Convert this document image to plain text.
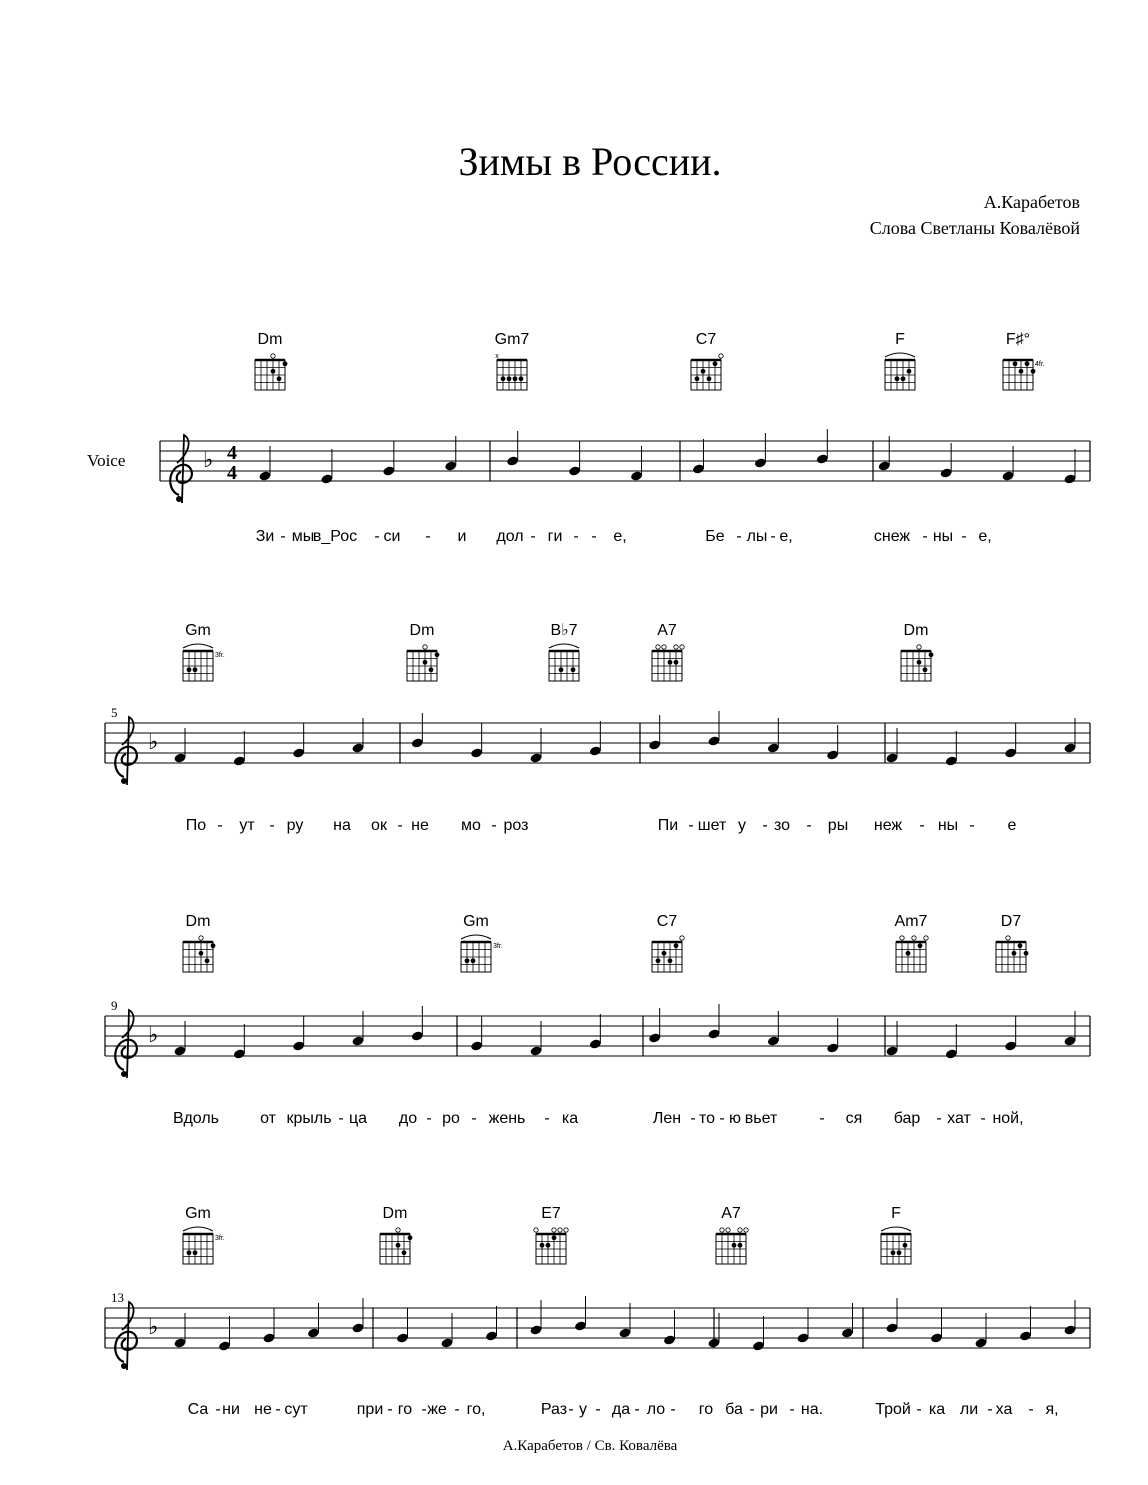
Зимы в России.
А.Карабетов
Слова Светланы Ковалёвой
Voice
А.Карабетов / Св. Ковалёва
♭ 4
4
Dm	Gm7
x
C7	F	F♯°
4fr.
Зи - мы
в_Рос - си - и дол - ги - - е,	Бе - лы - е,	снеж - ны - е,
♭
5
Gm
3fr.
Dm	B♭7	A7	Dm
По - ут - ру на ок - не мо - роз	Пи - шет у - зо - ры неж - ны - е
♭
9
Dm	Gm
3fr.
C7	Am7	D7
Вдоль	от крыль - ца до - ро - жень - ка	Лен - то - ю вьет	- ся бар - хат - ной,
♭
13
Gm
3fr.
Dm	E7	A7	F
Са - ни не - сут	при - го - же - го,	Раз - у - да - ло - го ба - ри - на.	Трой - ка ли - ха - я,
